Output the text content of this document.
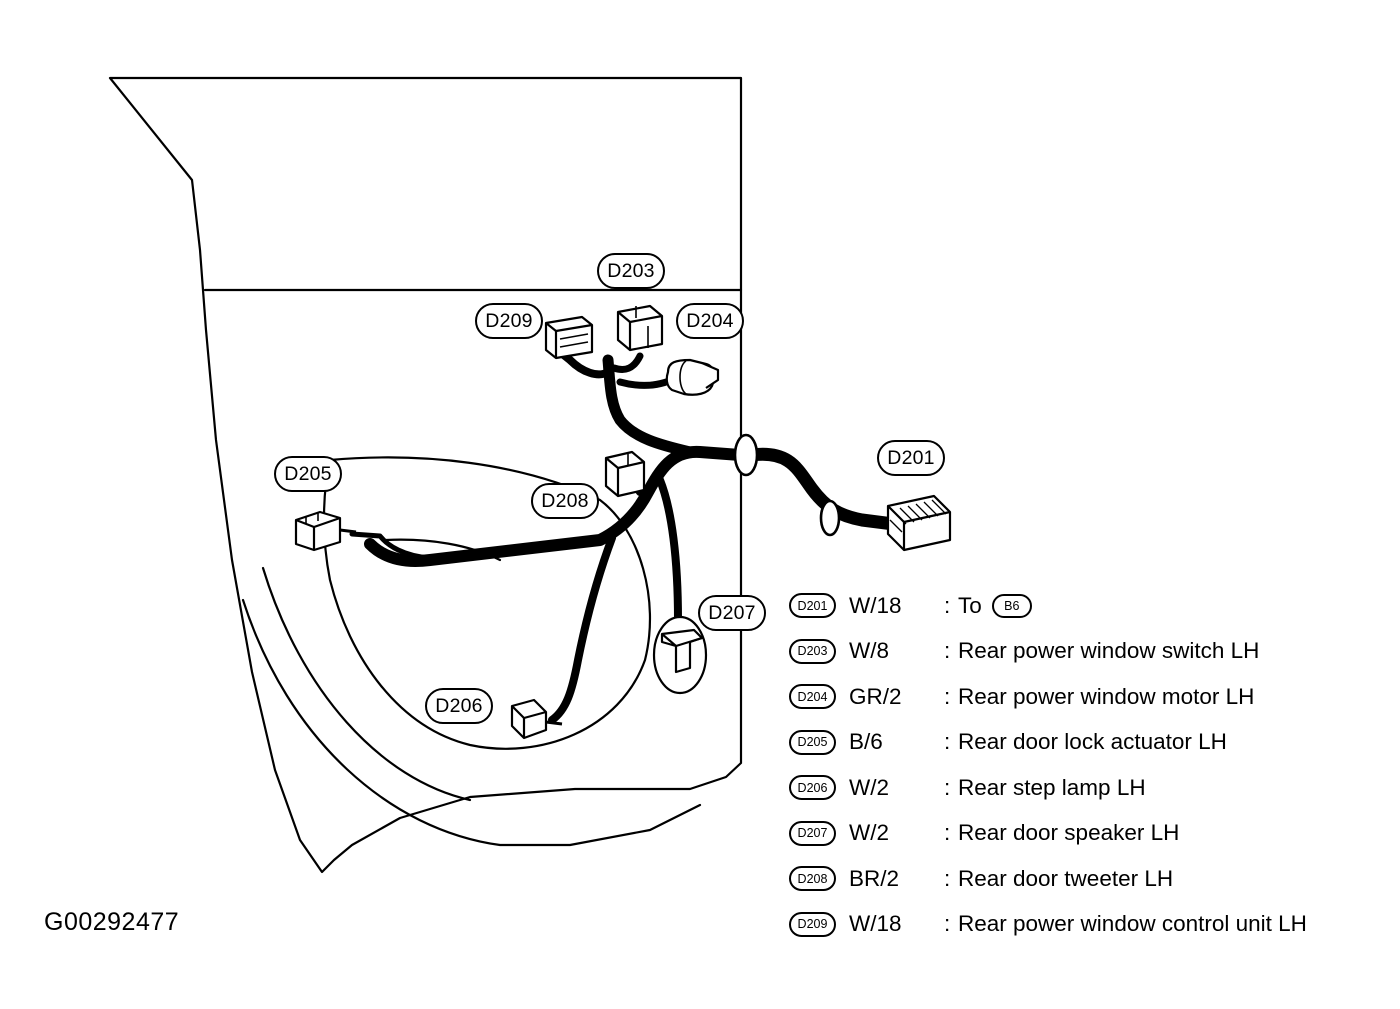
D203
D209	D204
D201
D205
D208
D207
D206
D201 W/18	: To B6
D203 W/8	: Rear power window switch LH
D204 GR/2	: Rear power window motor LH
D205 B/6	: Rear door lock actuator LH
D206 W/2	: Rear step lamp LH
D207 W/2	: Rear door speaker LH
D208 BR/2	: Rear door tweeter LH
D209 W/18	: Rear power window control unit LH
G00292477
